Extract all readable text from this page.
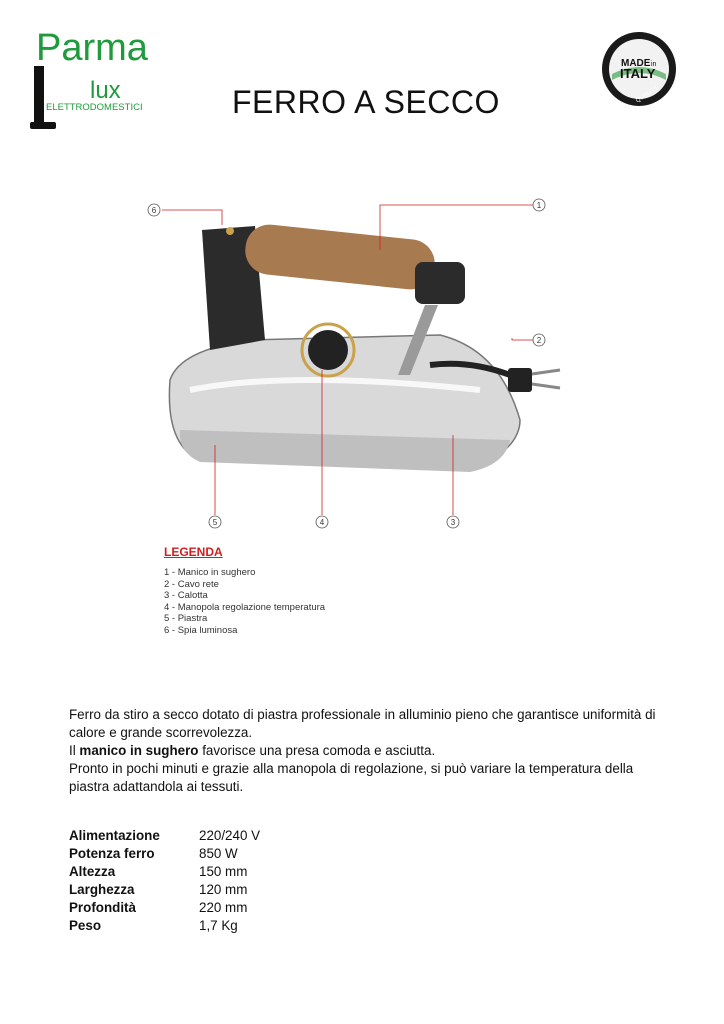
Parma
lux
ELETTRODOMESTICI	FERRO A SECCO
MADE in
ITALY
QUALITY
1
2
3
4
5
6
LEGENDA
1 - Manico in sughero
2 - Cavo rete
3 - Calotta
4 - Manopola regolazione temperatura
5 - Piastra
6 - Spia luminosa

Ferro da stiro a secco dotato di piastra professionale in alluminio pieno che garantisce uniformità di calore e grande scorrevolezza.

Il manico in sughero favorisce una presa comoda e asciutta.

Pronto in pochi minuti e grazie alla manopola di regolazione, si può variare la temperatura della piastra adattandola ai tessuti.

Alimentazione	220/240 V
Potenza ferro	850 W
Altezza	150 mm
Larghezza	120 mm
Profondità	220 mm
Peso	1,7 Kg
